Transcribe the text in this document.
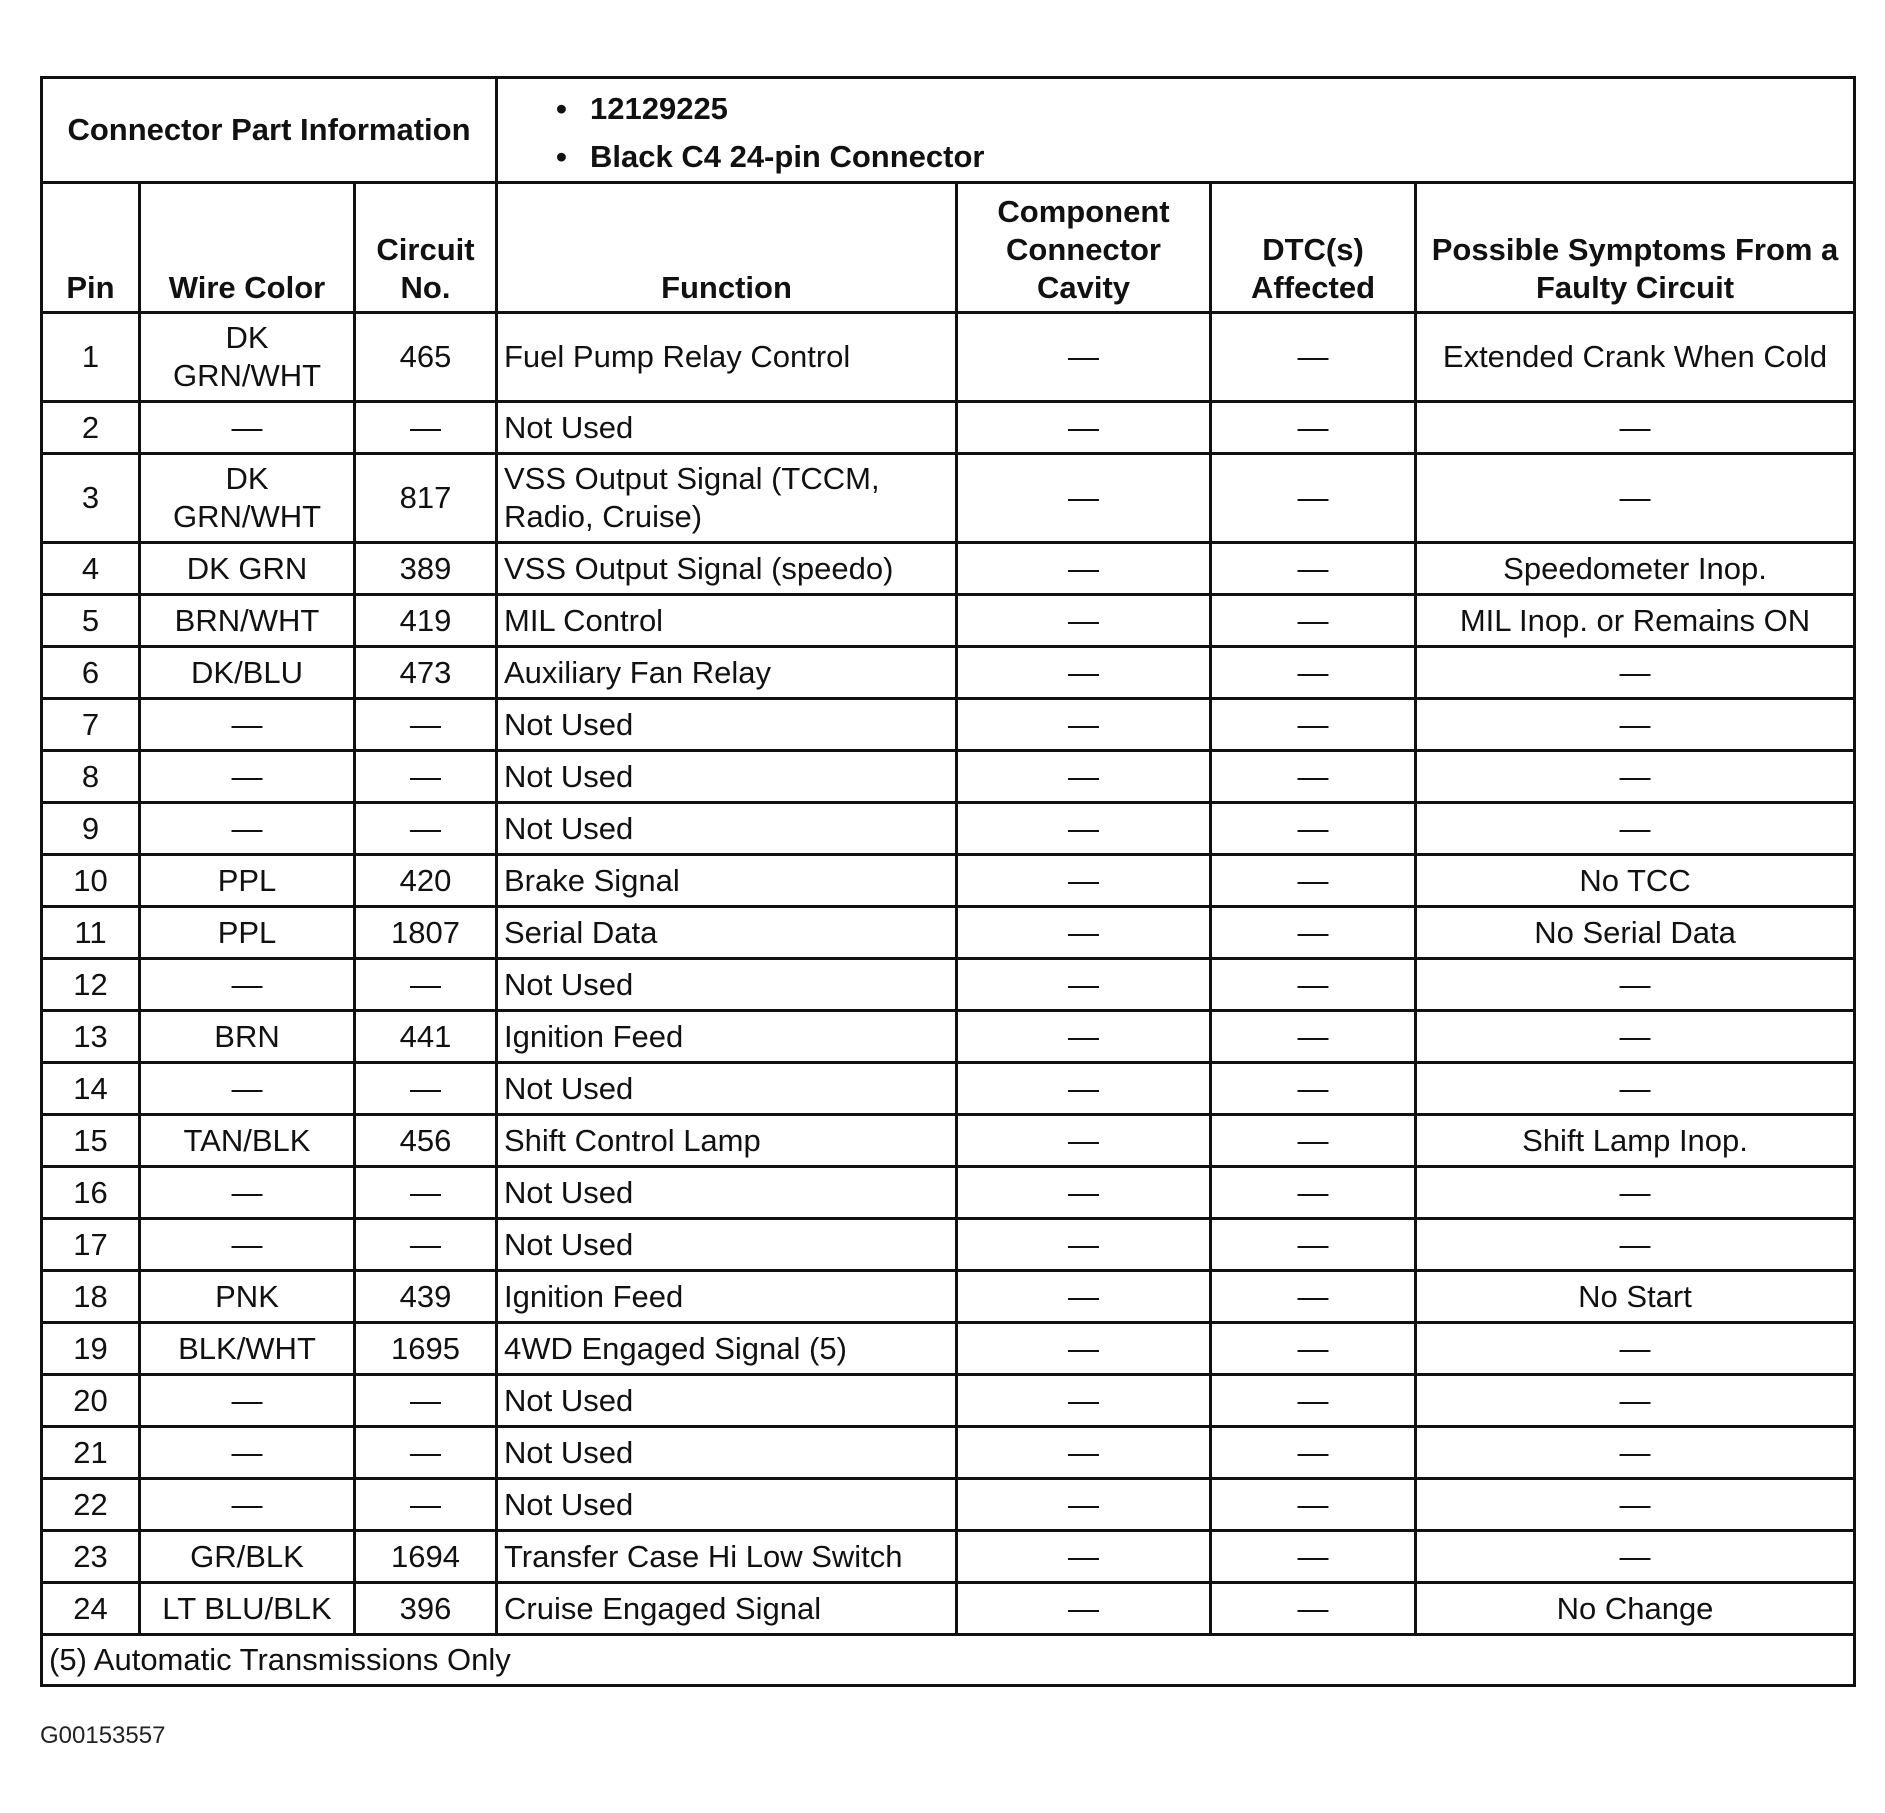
Connector Part Information			• 12129225
• Black C4 24-pin Connector			

Pin	Wire Color	Circuit No.	Function	Component Connector Cavity	DTC(s) Affected	Possible Symptoms From a Faulty Circuit
1	DK GRN/WHT	465	Fuel Pump Relay Control	—	—	Extended Crank When Cold
2	—	—	Not Used	—	—	—
3	DK GRN/WHT	817	VSS Output Signal (TCCM, Radio, Cruise)	—	—	—
4	DK GRN	389	VSS Output Signal (speedo)	—	—	Speedometer Inop.
5	BRN/WHT	419	MIL Control	—	—	MIL Inop. or Remains ON
6	DK/BLU	473	Auxiliary Fan Relay	—	—	—
7	—	—	Not Used	—	—	—
8	—	—	Not Used	—	—	—
9	—	—	Not Used	—	—	—
10	PPL	420	Brake Signal	—	—	No TCC
11	PPL	1807	Serial Data	—	—	No Serial Data
12	—	—	Not Used	—	—	—
13	BRN	441	Ignition Feed	—	—	—
14	—	—	Not Used	—	—	—
15	TAN/BLK	456	Shift Control Lamp	—	—	Shift Lamp Inop.
16	—	—	Not Used	—	—	—
17	—	—	Not Used	—	—	—
18	PNK	439	Ignition Feed	—	—	No Start
19	BLK/WHT	1695	4WD Engaged Signal (5)	—	—	—
20	—	—	Not Used	—	—	—
21	—	—	Not Used	—	—	—
22	—	—	Not Used	—	—	—
23	GR/BLK	1694	Transfer Case Hi Low Switch	—	—	—
24	LT BLU/BLK	396	Cruise Engaged Signal	—	—	No Change
(5) Automatic Transmissions Only						
G00153557
